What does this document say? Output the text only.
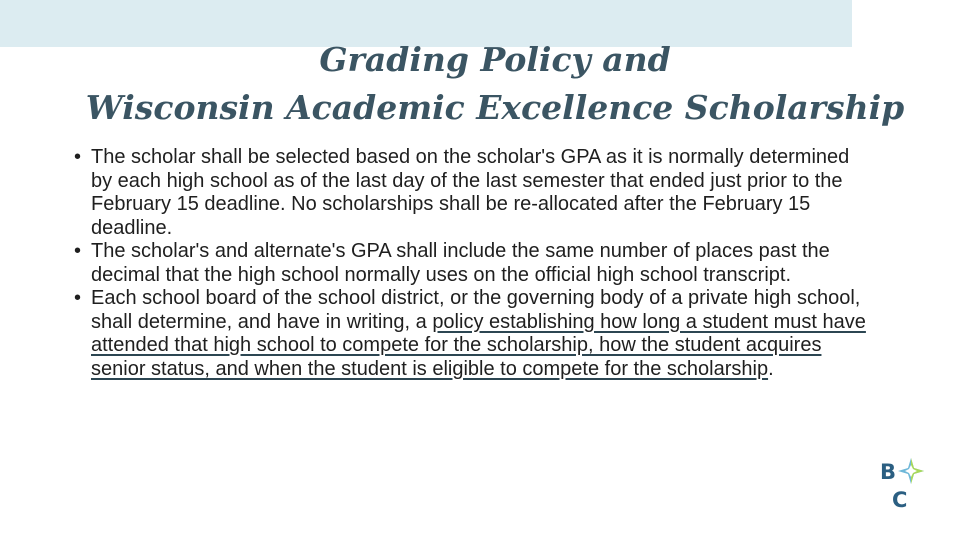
Grading Policy and
Wisconsin Academic Excellence Scholarship
• The scholar shall be selected based on the scholar's GPA as it is normally determined by each high school as of the last day of the last semester that ended just prior to the February 15 deadline. No scholarships shall be re-allocated after the February 15 deadline.
• The scholar's and alternate's GPA shall include the same number of places past the decimal that the high school normally uses on the official high school transcript.
• Each school board of the school district, or the governing body of a private high school, shall determine, and have in writing, a policy establishing how long a student must have attended that high school to compete for the scholarship, how the student acquires senior status, and when the student is eligible to compete for the scholarship.
B
C
